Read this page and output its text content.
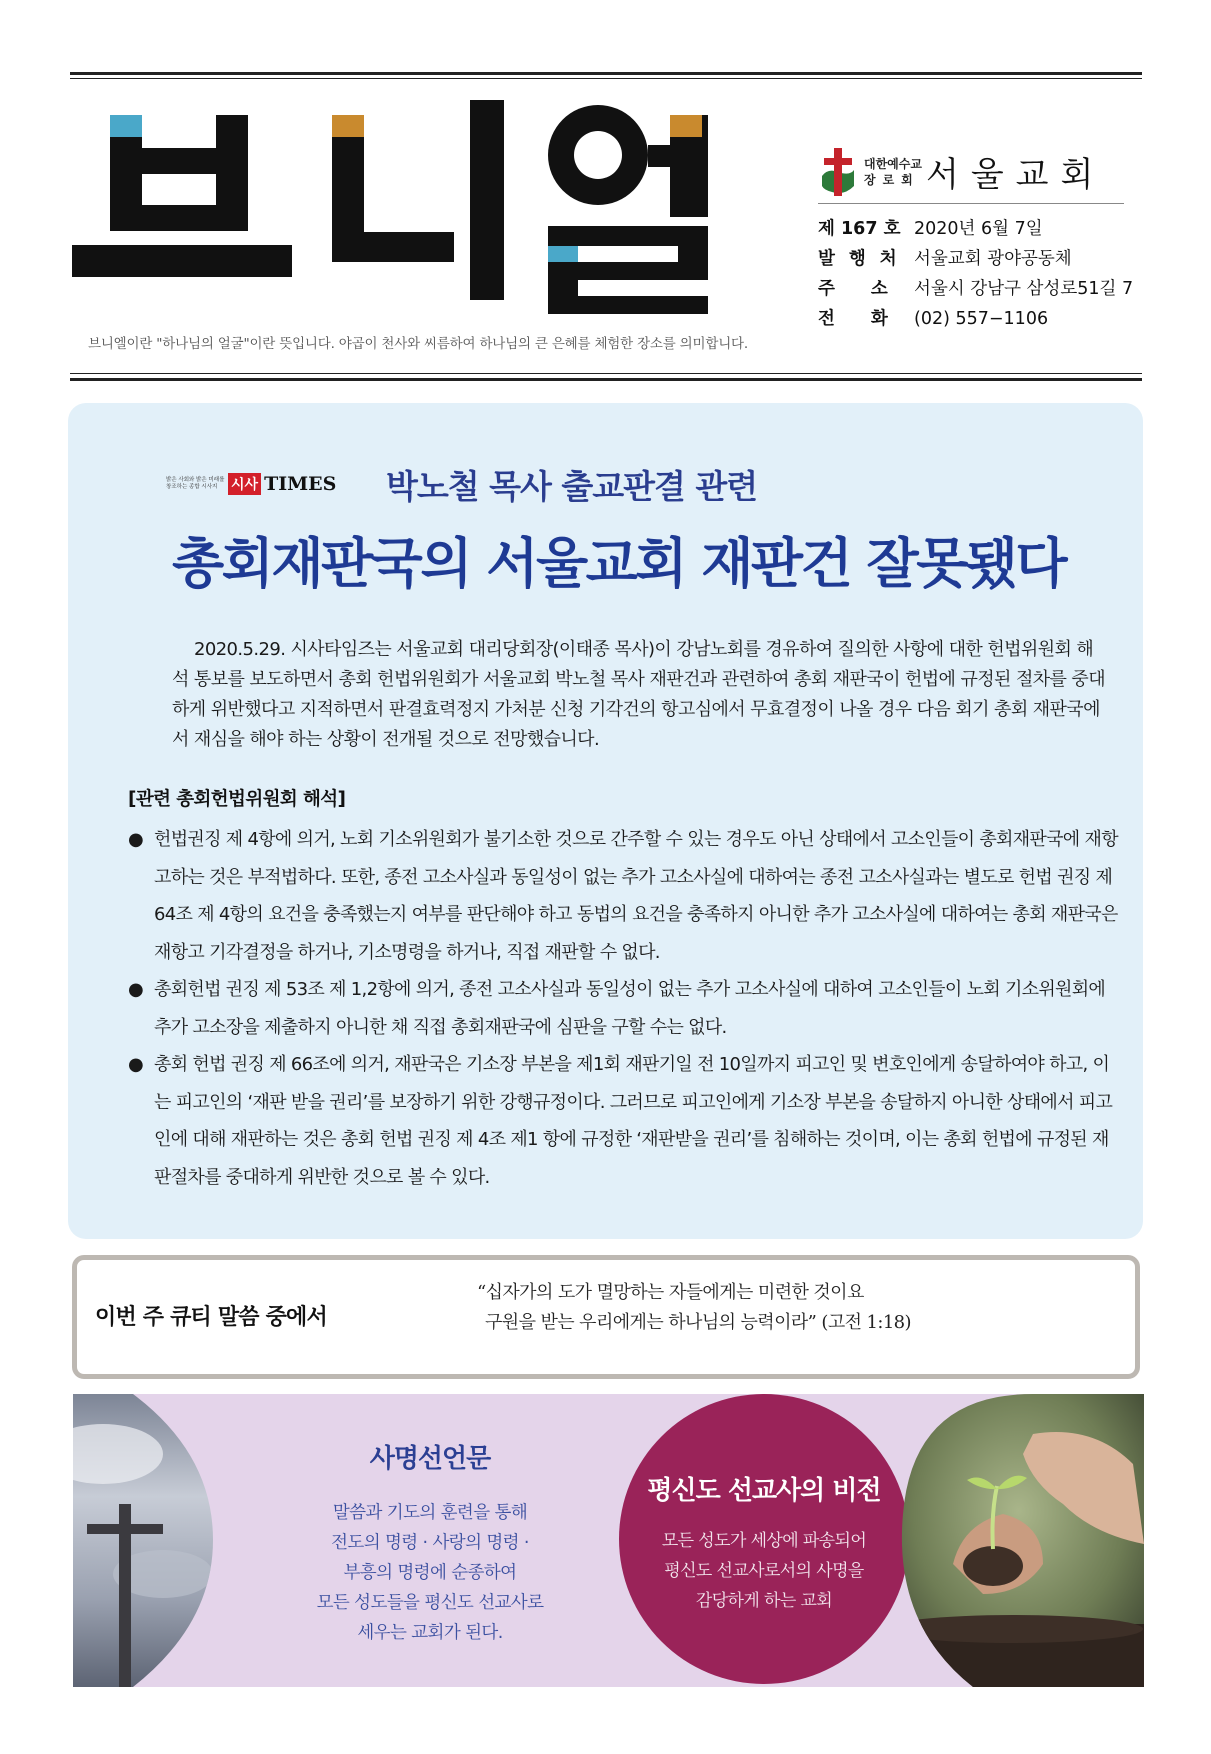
브니엘이란 "하나님의 얼굴"이란 뜻입니다. 야곱이 천사와 씨름하여 하나님의 큰 은혜를 체험한 장소를 의미합니다.
대한예수교
장로회 서울교회
제 167 호 2020년 6월 7일
발행처 서울교회 광야공동체
주소
서울시 강남구 삼성로51길 7
전화
(02) 557−1106
밝은 사회와 밝은 미래를 창조하는 종합 시사지 시사 TIMES 박노철 목사 출교판결 관련
총회재판국의 서울교회 재판건 잘못됐다

2020.5.29. 시사타임즈는 서울교회 대리당회장(이태종 목사)이 강남노회를 경유하여 질의한 사항에 대한 헌법위원회 해석 통보를 보도하면서 총회 헌법위원회가 서울교회 박노철 목사 재판건과 관련하여 총회 재판국이 헌법에 규정된 절차를 중대하게 위반했다고 지적하면서 판결효력정지 가처분 신청 기각건의 항고심에서 무효결정이 나올 경우 다음 회기 총회 재판국에서 재심을 해야 하는 상황이 전개될 것으로 전망했습니다.

[관련 총회헌법위원회 해석]
● 헌법권징 제 4항에 의거, 노회 기소위원회가 불기소한 것으로 간주할 수 있는 경우도 아닌 상태에서 고소인들이 총회재판국에 재항고하는 것은 부적법하다. 또한, 종전 고소사실과 동일성이 없는 추가 고소사실에 대하여는 종전 고소사실과는 별도로 헌법 권징 제 64조 제 4항의 요건을 충족했는지 여부를 판단해야 하고 동법의 요건을 충족하지 아니한 추가 고소사실에 대하여는 총회 재판국은 재항고 기각결정을 하거나, 기소명령을 하거나, 직접 재판할 수 없다.
● 총회헌법 권징 제 53조 제 1,2항에 의거, 종전 고소사실과 동일성이 없는 추가 고소사실에 대하여 고소인들이 노회 기소위원회에 추가 고소장을 제출하지 아니한 채 직접 총회재판국에 심판을 구할 수는 없다.
● 총회 헌법 권징 제 66조에 의거, 재판국은 기소장 부본을 제1회 재판기일 전 10일까지 피고인 및 변호인에게 송달하여야 하고, 이는 피고인의 ‘재판 받을 권리’를 보장하기 위한 강행규정이다. 그러므로 피고인에게 기소장 부본을 송달하지 아니한 상태에서 피고인에 대해 재판하는 것은 총회 헌법 권징 제 4조 제1 항에 규정한 ‘재판받을 권리’를 침해하는 것이며, 이는 총회 헌법에 규정된 재판절차를 중대하게 위반한 것으로 볼 수 있다.
이번 주 큐티 말씀 중에서
“십자가의 도가 멸망하는 자들에게는 미련한 것이요
구원을 받는 우리에게는 하나님의 능력이라” (고전 1:18)
사명선언문
말씀과 기도의 훈련을 통해
전도의 명령 · 사랑의 명령 ·
부흥의 명령에 순종하여
모든 성도들을 평신도 선교사로
세우는 교회가 된다.
평신도 선교사의 비전
모든 성도가 세상에 파송되어
평신도 선교사로서의 사명을
감당하게 하는 교회
